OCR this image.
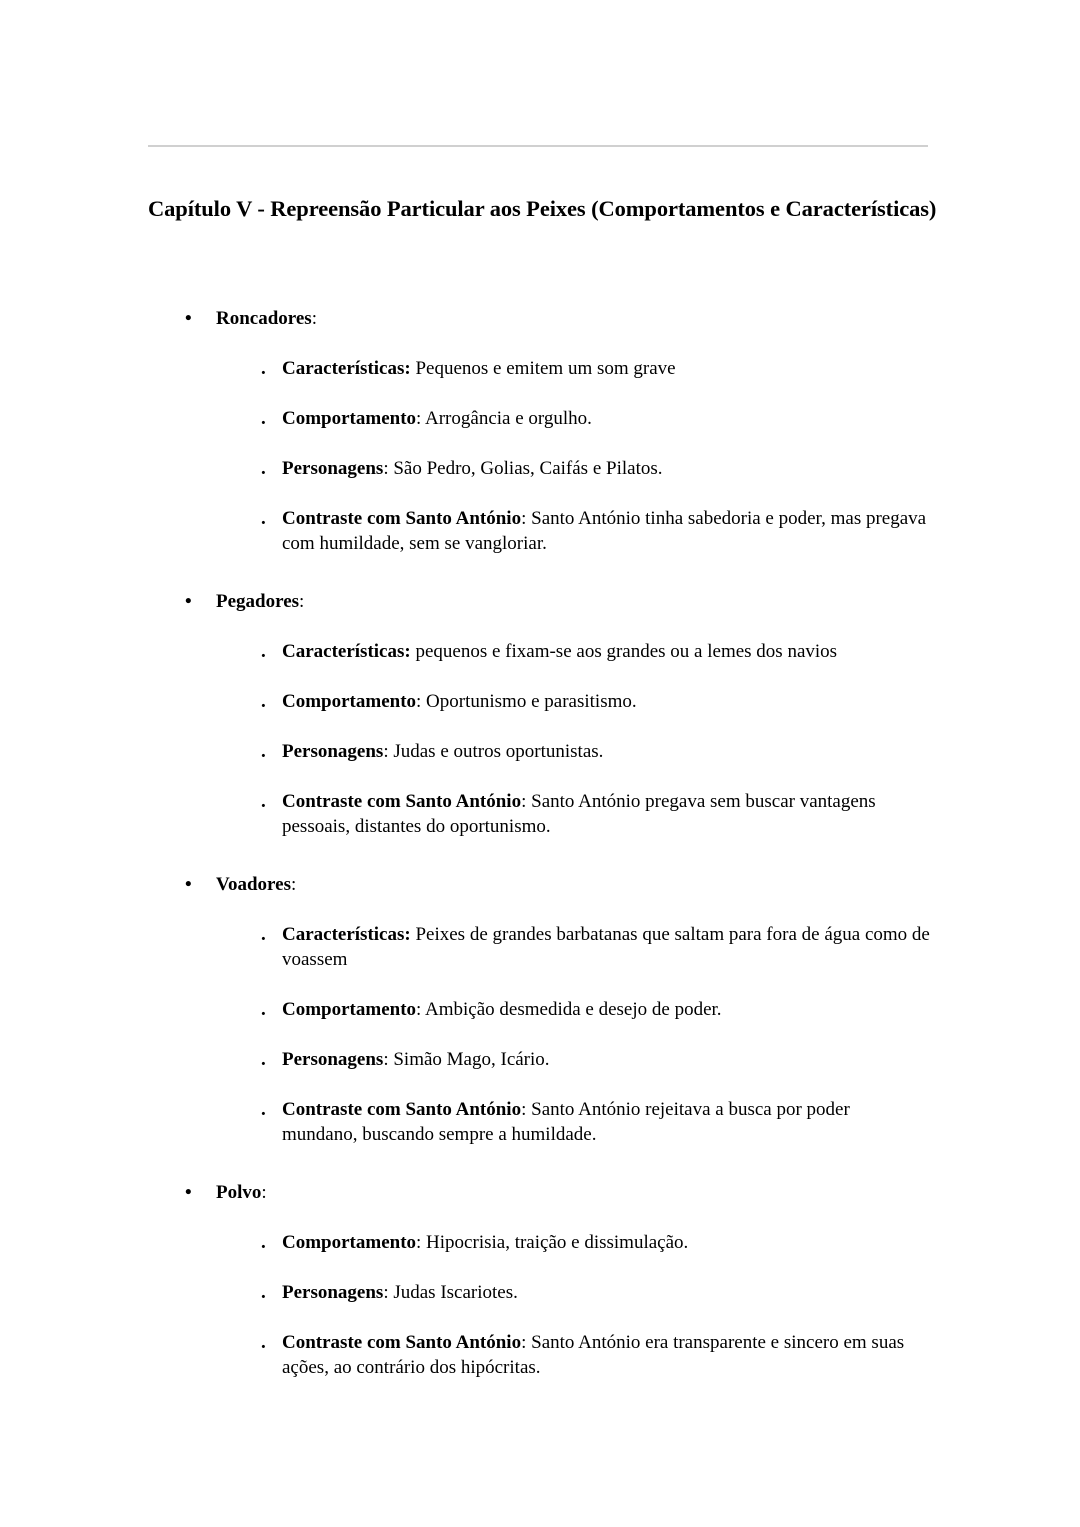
Capítulo V - Repreensão Particular aos Peixes (Comportamentos e Características)
• Roncadores:
. Características: Pequenos e emitem um som grave
. Comportamento: Arrogância e orgulho.
. Personagens: São Pedro, Golias, Caifás e Pilatos.
. Contraste com Santo António: Santo António tinha sabedoria e poder, mas pregava com humildade, sem se vangloriar.
• Pegadores:
. Características: pequenos e fixam-se aos grandes ou a lemes dos navios
. Comportamento: Oportunismo e parasitismo.
. Personagens: Judas e outros oportunistas.
. Contraste com Santo António: Santo António pregava sem buscar vantagens pessoais, distantes do oportunismo.
• Voadores:
. Características: Peixes de grandes barbatanas que saltam para fora de água como de voassem
. Comportamento: Ambição desmedida e desejo de poder.
. Personagens: Simão Mago, Icário.
. Contraste com Santo António: Santo António rejeitava a busca por poder mundano, buscando sempre a humildade.
• Polvo:
. Comportamento: Hipocrisia, traição e dissimulação.
. Personagens: Judas Iscariotes.
. Contraste com Santo António: Santo António era transparente e sincero em suas ações, ao contrário dos hipócritas.
